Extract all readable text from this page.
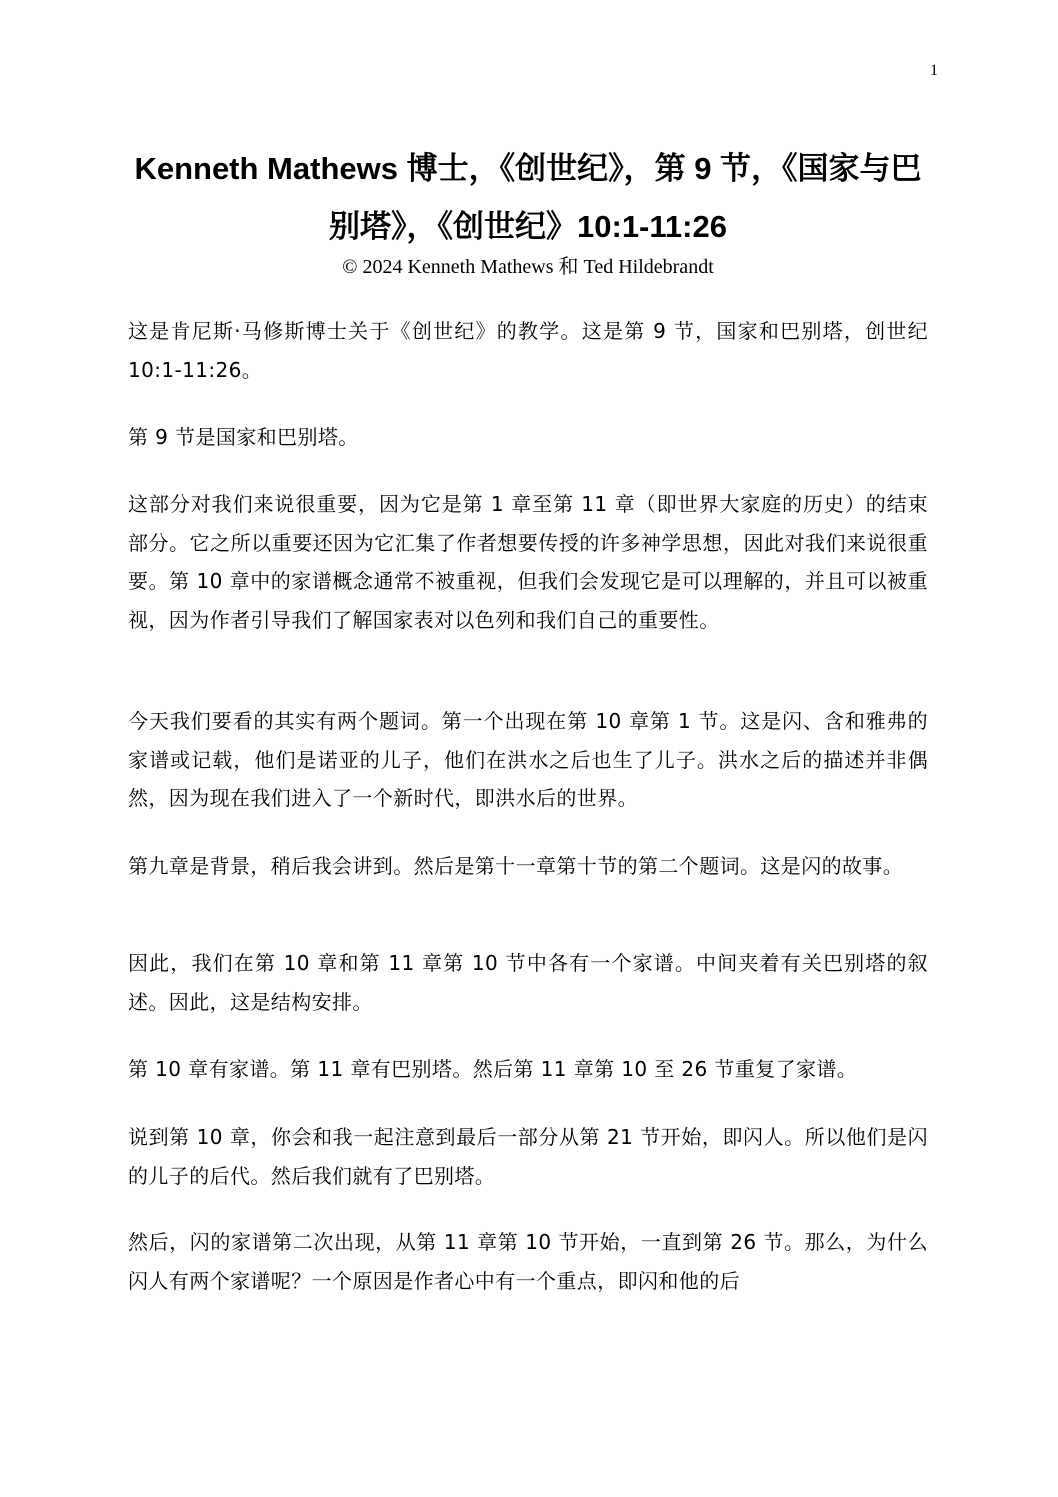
1
Kenneth Mathews 博士，《创世纪》，第 9 节，《国家与巴别塔》，《创世纪》10:1-11:26
© 2024 Kenneth Mathews 和 Ted Hildebrandt

这是肯尼斯·马修斯博士关于《创世纪》的教学。这是第 9 节，国家和巴别塔，创世纪 10:1-11:26。

第 9 节是国家和巴别塔。

这部分对我们来说很重要，因为它是第 1 章至第 11 章（即世界大家庭的历史）的结束部分。它之所以重要还因为它汇集了作者想要传授的许多神学思想，因此对我们来说很重要。第 10 章中的家谱概念通常不被重视，但我们会发现它是可以理解的，并且可以被重视，因为作者引导我们了解国家表对以色列和我们自己的重要性。

今天我们要看的其实有两个题词。第一个出现在第 10 章第 1 节。这是闪、含和雅弗的家谱或记载，他们是诺亚的儿子，他们在洪水之后也生了儿子。洪水之后的描述并非偶然，因为现在我们进入了一个新时代，即洪水后的世界。

第九章是背景，稍后我会讲到。然后是第十一章第十节的第二个题词。这是闪的故事。

因此，我们在第 10 章和第 11 章第 10 节中各有一个家谱。中间夹着有关巴别塔的叙述。因此，这是结构安排。

第 10 章有家谱。第 11 章有巴别塔。然后第 11 章第 10 至 26 节重复了家谱。

说到第 10 章，你会和我一起注意到最后一部分从第 21 节开始，即闪人。所以他们是闪的儿子的后代。然后我们就有了巴别塔。

然后，闪的家谱第二次出现，从第 11 章第 10 节开始，一直到第 26 节。那么，为什么闪人有两个家谱呢？一个原因是作者心中有一个重点，即闪和他的后
